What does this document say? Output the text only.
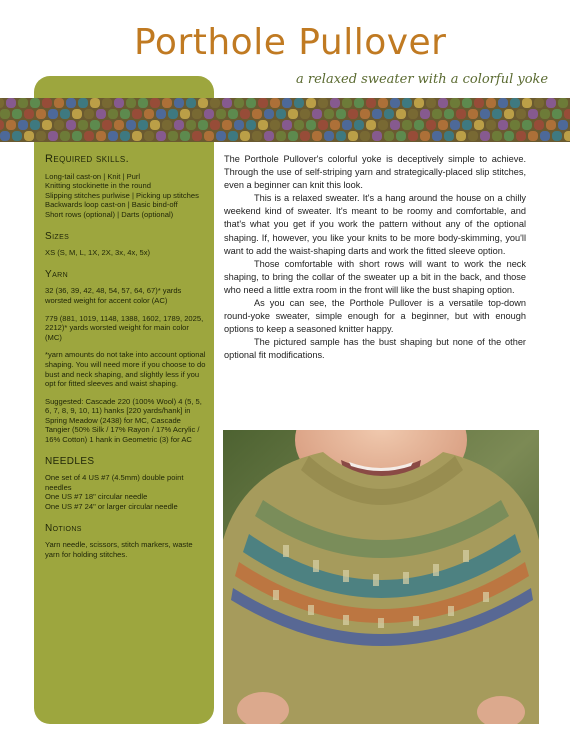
Porthole Pullover
a relaxed sweater with a colorful yoke
Required skills.
Long-tail cast-on | Knit | Purl
Knitting stockinette in the round
Slipping stitches purlwise | Picking up stitches
Backwards loop cast-on | Basic bind-off
Short rows (optional) | Darts (optional)
Sizes
XS (S, M, L, 1X, 2X, 3x, 4x, 5x)
Yarn

32 (36, 39, 42, 48, 54, 57, 64, 67)* yards worsted weight for accent color (AC)

779 (881, 1019, 1148, 1388, 1602, 1789, 2025, 2212)* yards worsted weight for main color (MC)

*yarn amounts do not take into account optional shaping. You will need more if you choose to do bust and neck shaping, and slightly less if you opt for fitted sleeves and waist shaping.

Suggested: Cascade 220 (100% Wool) 4 (5, 5, 6, 7, 8, 9, 10, 11) hanks [220 yards/hank] in Spring Meadow (2438) for MC, Cascade Tangier (50% Silk / 17% Rayon / 17% Acrylic / 16% Cotton) 1 hank in Geometric (3) for AC

NEEDLES
One set of 4 US #7 (4.5mm) double point needles
One US #7 18" circular needle
One US #7 24" or larger circular needle
Notions
Yarn needle, scissors, stitch markers, waste yarn for holding stitches.

The Porthole Pullover's colorful yoke is deceptively simple to achieve. Through the use of self-striping yarn and strategically-placed slip stitches, even a beginner can knit this look.

This is a relaxed sweater. It's a hang around the house on a chilly weekend kind of sweater. It's meant to be roomy and comfortable, and that's what you get if you work the pattern without any of the optional shaping. If, however, you like your knits to be more body-skimming, you'll want to add the waist-shaping darts and work the fitted sleeve option.

Those comfortable with short rows will want to work the neck shaping, to bring the collar of the sweater up a bit in the back, and those who need a little extra room in the front will like the bust shaping option.

As you can see, the Porthole Pullover is a versatile top-down round-yoke sweater, simple enough for a beginner, but with enough options to keep a seasoned knitter happy.

The pictured sample has the bust shaping but none of the other optional fit modifications.
